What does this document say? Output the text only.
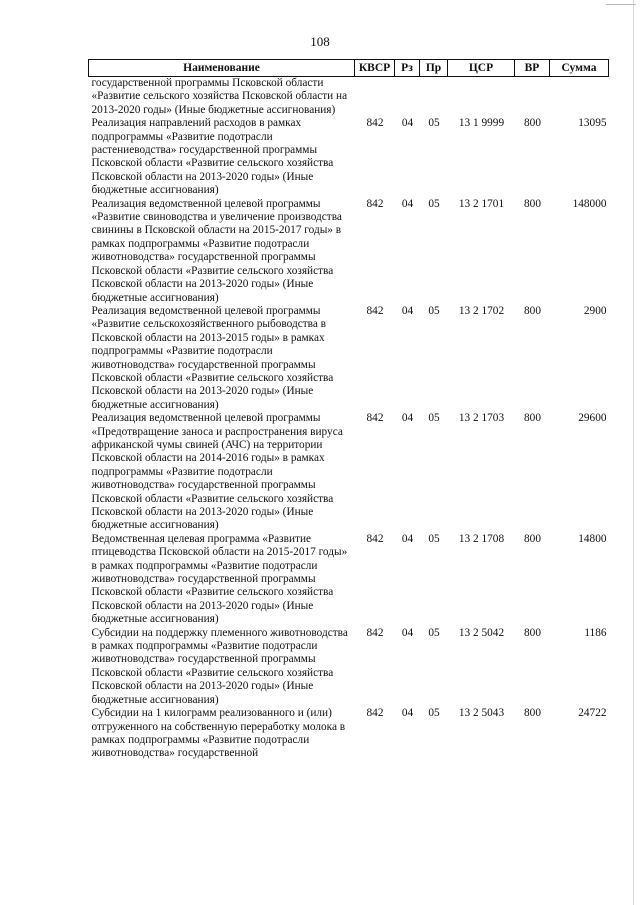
108
Наименование	КВСР	Рз	Пр	ЦСР	ВР	Сумма
государственной программы Псковской области «Развитие сельского хозяйства Псковской области на 2013-2020 годы» (Иные бюджетные ассигнования)						
Реализация направлений расходов в рамках подпрограммы «Развитие подотрасли растениеводства» государственной программы Псковской области «Развитие сельского хозяйства Псковской области на 2013-2020 годы» (Иные бюджетные ассигнования)	842	04	05	13 1 9999	800	13095
Реализация ведомственной целевой программы «Развитие свиноводства и увеличение производства свинины в Псковской области на 2015-2017 годы» в рамках подпрограммы «Развитие подотрасли животноводства» государственной программы Псковской области «Развитие сельского хозяйства Псковской области на 2013-2020 годы» (Иные бюджетные ассигнования)	842	04	05	13 2 1701	800	148000
Реализация ведомственной целевой программы «Развитие сельскохозяйственного рыбоводства в Псковской области на 2013-2015 годы» в рамках подпрограммы «Развитие подотрасли животноводства» государственной программы Псковской области «Развитие сельского хозяйства Псковской области на 2013-2020 годы» (Иные бюджетные ассигнования)	842	04	05	13 2 1702	800	2900
Реализация ведомственной целевой программы «Предотвращение заноса и распространения вируса африканской чумы свиней (АЧС) на территории Псковской области на 2014-2016 годы» в рамках подпрограммы «Развитие подотрасли животноводства» государственной программы Псковской области «Развитие сельского хозяйства Псковской области на 2013-2020 годы» (Иные бюджетные ассигнования)	842	04	05	13 2 1703	800	29600
Ведомственная целевая программа «Развитие птицеводства Псковской области на 2015-2017 годы» в рамках подпрограммы «Развитие подотрасли животноводства» государственной программы Псковской области «Развитие сельского хозяйства Псковской области на 2013-2020 годы» (Иные бюджетные ассигнования)	842	04	05	13 2 1708	800	14800
Субсидии на поддержку племенного животноводства в рамках подпрограммы «Развитие подотрасли животноводства» государственной программы Псковской области «Развитие сельского хозяйства Псковской области на 2013-2020 годы» (Иные бюджетные ассигнования)	842	04	05	13 2 5042	800	1186
Субсидии на 1 килограмм реализованного и (или) отгруженного на собственную переработку молока в рамках подпрограммы «Развитие подотрасли животноводства» государственной	842	04	05	13 2 5043	800	24722
